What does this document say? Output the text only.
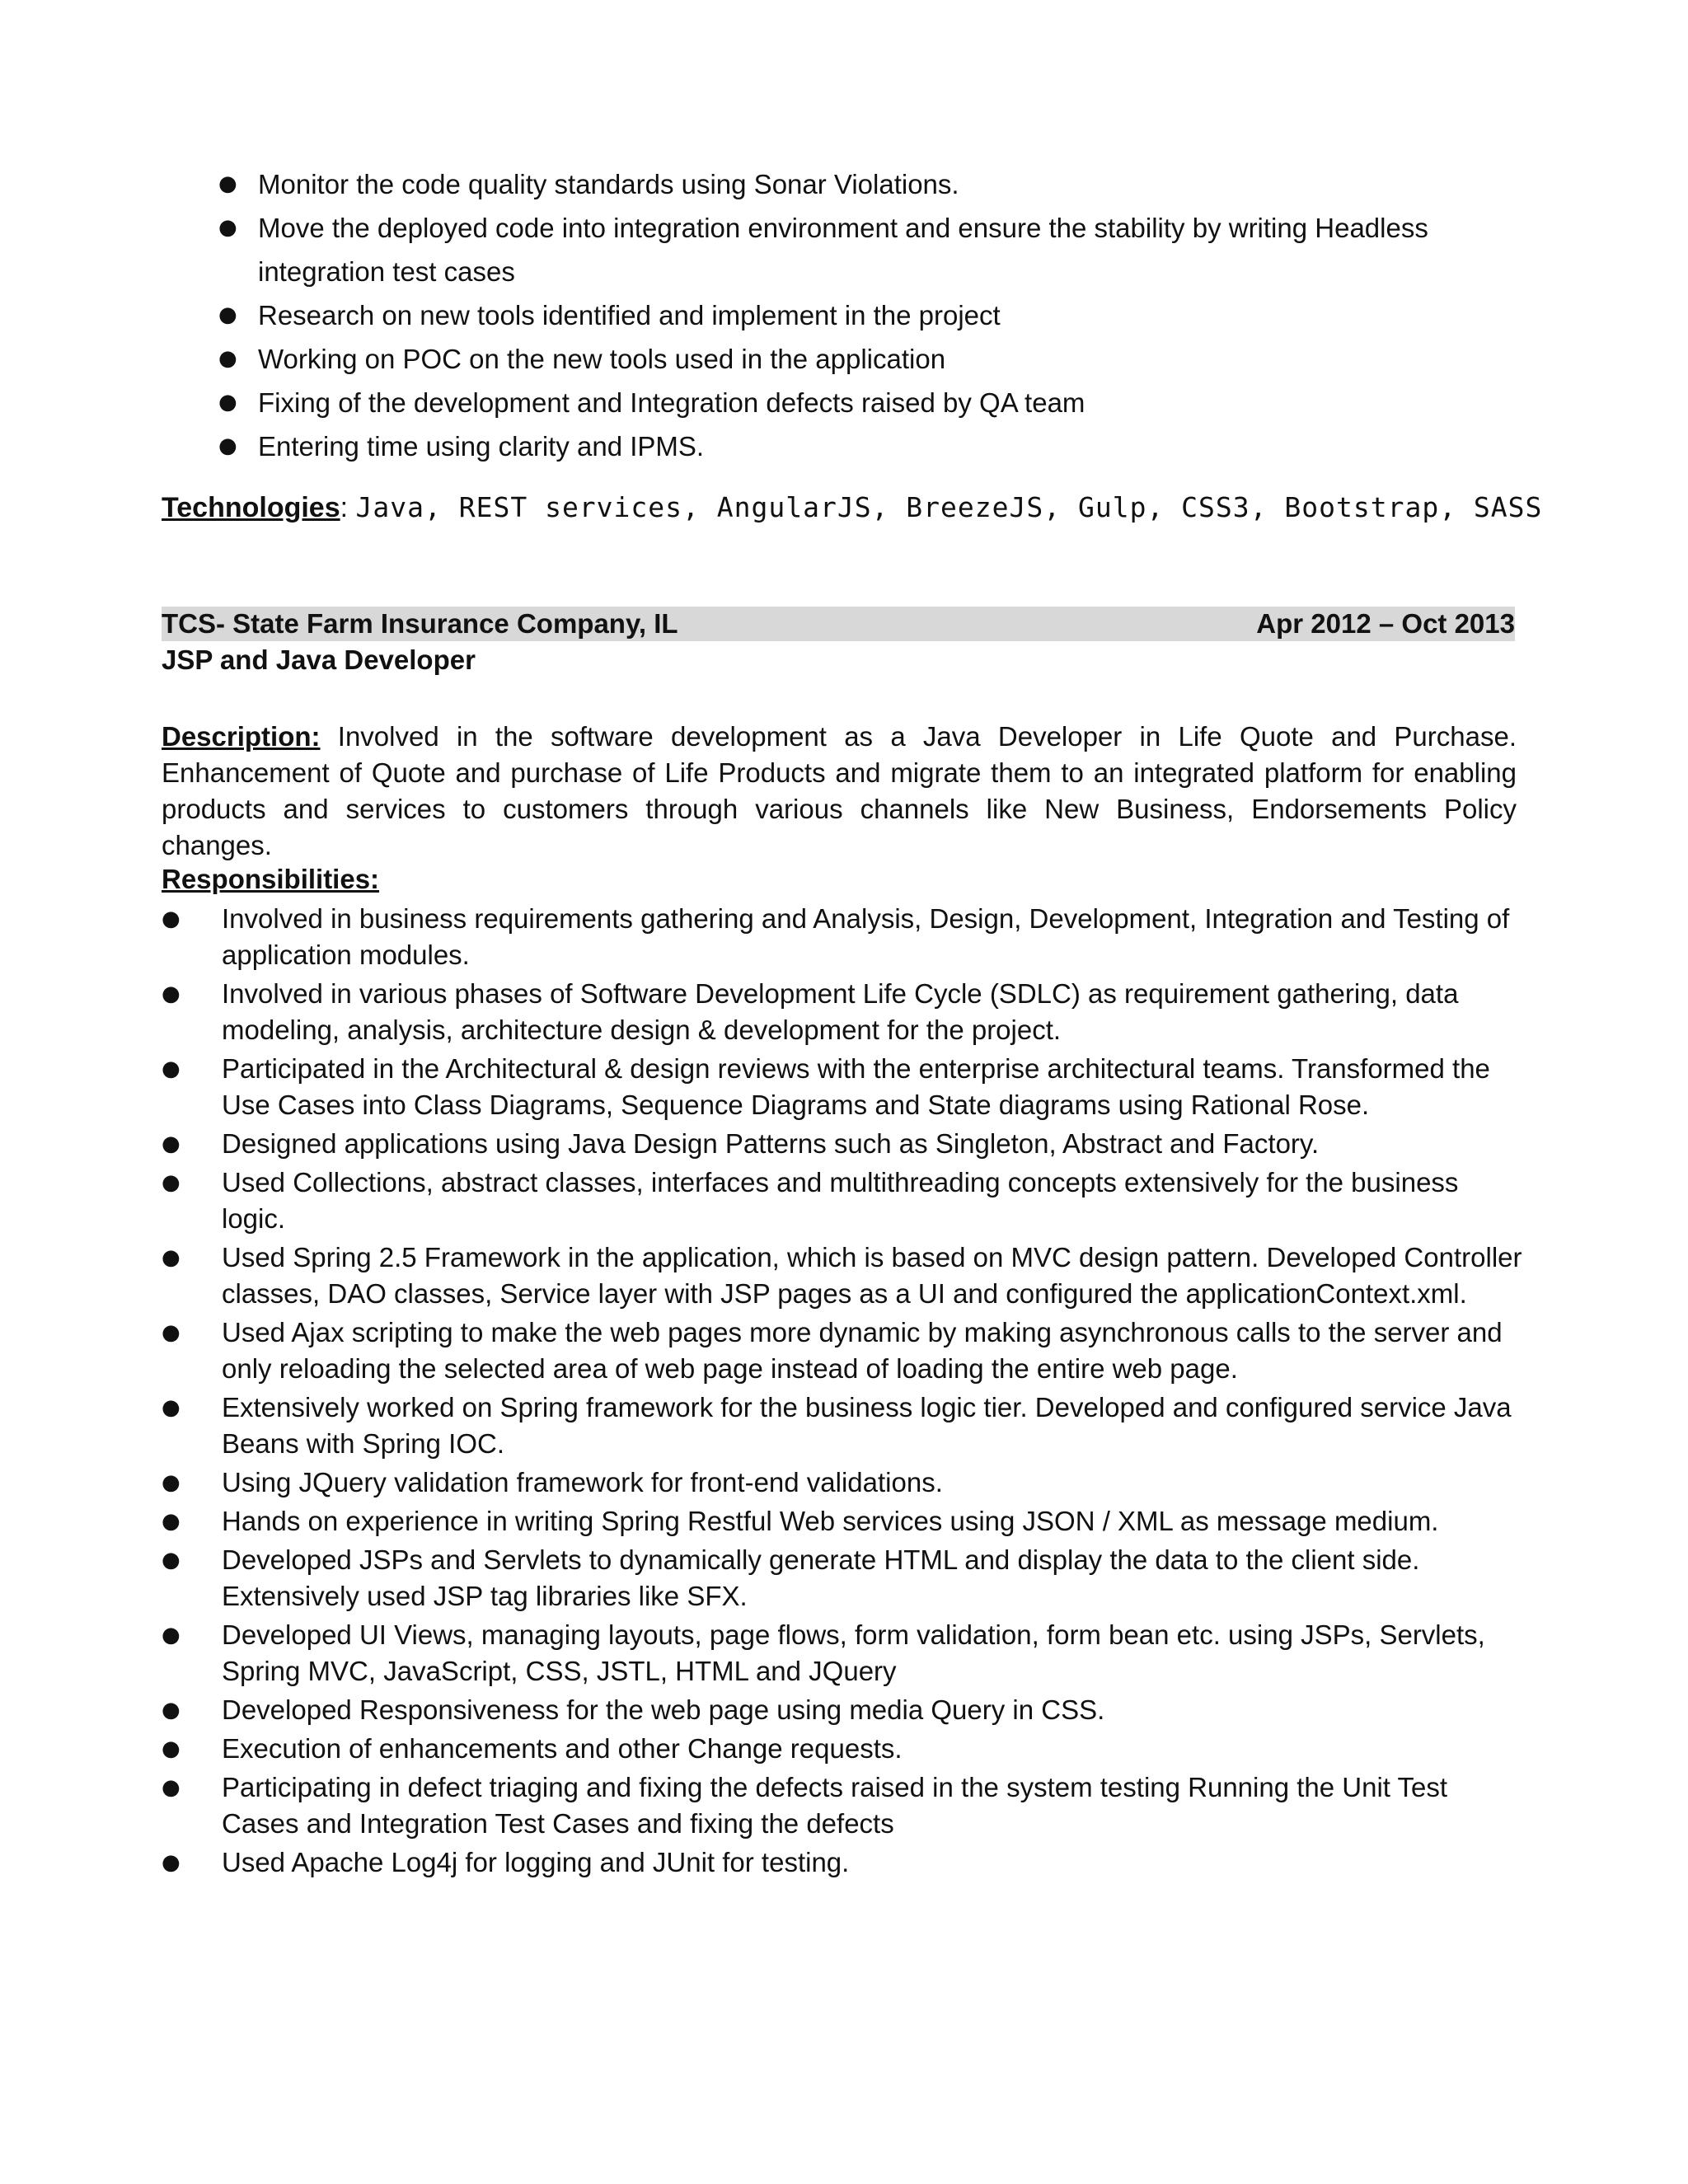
● Monitor the code quality standards using Sonar Violations.
● Move the deployed code into integration environment and ensure the stability by writing Headless integration test cases
● Research on new tools identified and implement in the project
● Working on POC on the new tools used in the application
● Fixing of the development and Integration defects raised by QA team
● Entering time using clarity and IPMS.
Technologies: Java, REST services, AngularJS, BreezeJS, Gulp, CSS3, Bootstrap, SASS
TCS- State Farm Insurance Company, IL	Apr 2012 – Oct 2013
JSP and Java Developer
Description: Involved in the software development as a Java Developer in Life Quote and Purchase. Enhancement of Quote and purchase of Life Products and migrate them to an integrated platform for enabling products and services to customers through various channels like New Business, Endorsements Policy changes.
Responsibilities:
● Involved in business requirements gathering and Analysis, Design, Development, Integration and Testing of application modules.
● Involved in various phases of Software Development Life Cycle (SDLC) as requirement gathering, data modeling, analysis, architecture design & development for the project.
● Participated in the Architectural & design reviews with the enterprise architectural teams. Transformed the Use Cases into Class Diagrams, Sequence Diagrams and State diagrams using Rational Rose.
● Designed applications using Java Design Patterns such as Singleton, Abstract and Factory.
● Used Collections, abstract classes, interfaces and multithreading concepts extensively for the business logic.
● Used Spring 2.5 Framework in the application, which is based on MVC design pattern. Developed Controller classes, DAO classes, Service layer with JSP pages as a UI and configured the applicationContext.xml.
● Used Ajax scripting to make the web pages more dynamic by making asynchronous calls to the server and only reloading the selected area of web page instead of loading the entire web page.
● Extensively worked on Spring framework for the business logic tier. Developed and configured service Java Beans with Spring IOC.
● Using JQuery validation framework for front-end validations.
● Hands on experience in writing Spring Restful Web services using JSON / XML as message medium.
● Developed JSPs and Servlets to dynamically generate HTML and display the data to the client side. Extensively used JSP tag libraries like SFX.
● Developed UI Views, managing layouts, page flows, form validation, form bean etc. using JSPs, Servlets, Spring MVC, JavaScript, CSS, JSTL, HTML and JQuery
● Developed Responsiveness for the web page using media Query in CSS.
● Execution of enhancements and other Change requests.
● Participating in defect triaging and fixing the defects raised in the system testing Running the Unit Test Cases and Integration Test Cases and fixing the defects
● Used Apache Log4j for logging and JUnit for testing.
